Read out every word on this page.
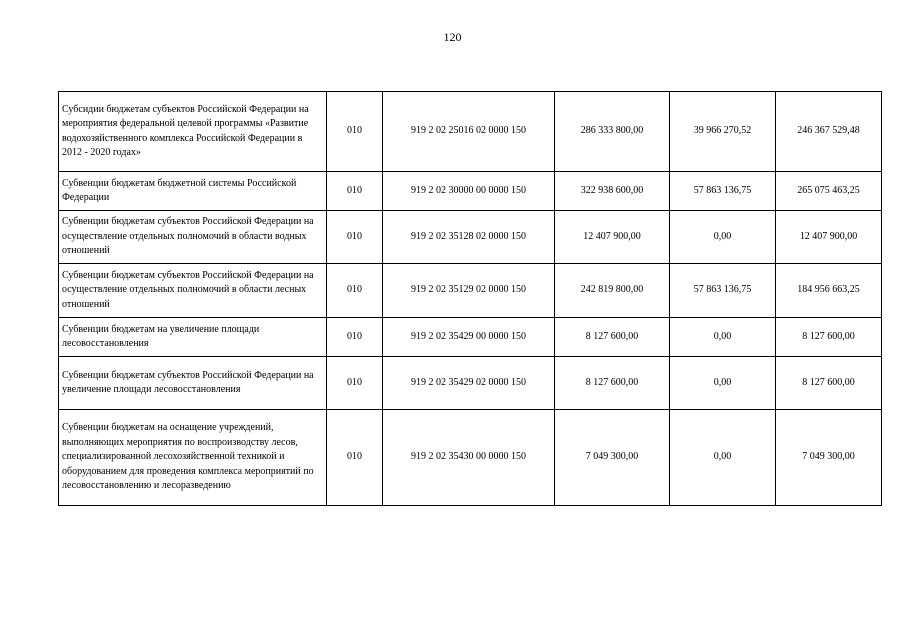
120
Субсидии бюджетам субъектов Российской Федерации на мероприятия федеральной целевой программы «Развитие водохозяйственного комплекса Российской Федерации в 2012 - 2020 годах»	010	919 2 02 25016 02 0000 150	286 333 800,00	39 966 270,52	246 367 529,48
Субвенции бюджетам бюджетной системы Российской Федерации	010	919 2 02 30000 00 0000 150	322 938 600,00	57 863 136,75	265 075 463,25
Субвенции бюджетам субъектов Российской Федерации на осуществление отдельных полномочий в области водных отношений	010	919 2 02 35128 02 0000 150	12 407 900,00	0,00	12 407 900,00
Субвенции бюджетам субъектов Российской Федерации на осуществление отдельных полномочий в области лесных отношений	010	919 2 02 35129 02 0000 150	242 819 800,00	57 863 136,75	184 956 663,25
Субвенции бюджетам на увеличение площади лесовосстановления	010	919 2 02 35429 00 0000 150	8 127 600,00	0,00	8 127 600,00
Субвенции бюджетам субъектов Российской Федерации на увеличение площади лесовосстановления	010	919 2 02 35429 02 0000 150	8 127 600,00	0,00	8 127 600,00
Субвенции бюджетам на оснащение учреждений, выполняющих мероприятия по воспроизводству лесов, специализированной лесохозяйственной техникой и оборудованием для проведения комплекса мероприятий по лесовосстановлению и лесоразведению	010	919 2 02 35430 00 0000 150	7 049 300,00	0,00	7 049 300,00
